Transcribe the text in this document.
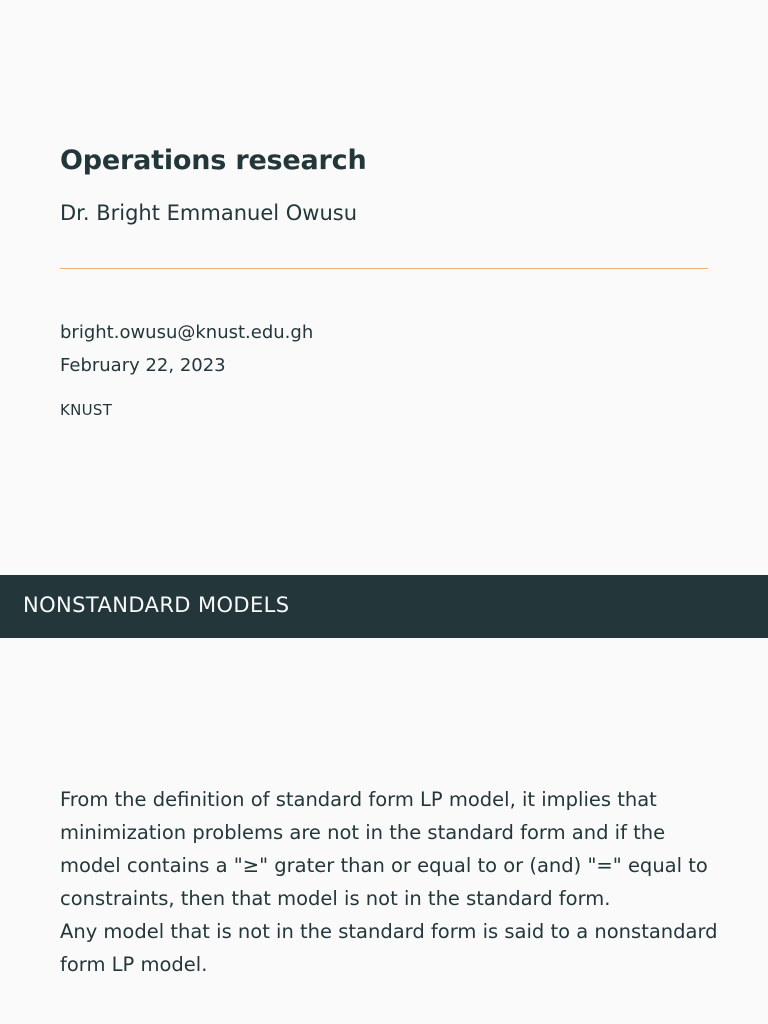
Operations research
Dr. Bright Emmanuel Owusu
bright.owusu@knust.edu.gh
February 22, 2023
KNUST
NONSTANDARD MODELS

From the definition of standard form LP model, it implies that minimization problems are not in the standard form and if the model contains a "≥" grater than or equal to or (and) "=" equal to constraints, then that model is not in the standard form.

Any model that is not in the standard form is said to a nonstandard form LP model.
